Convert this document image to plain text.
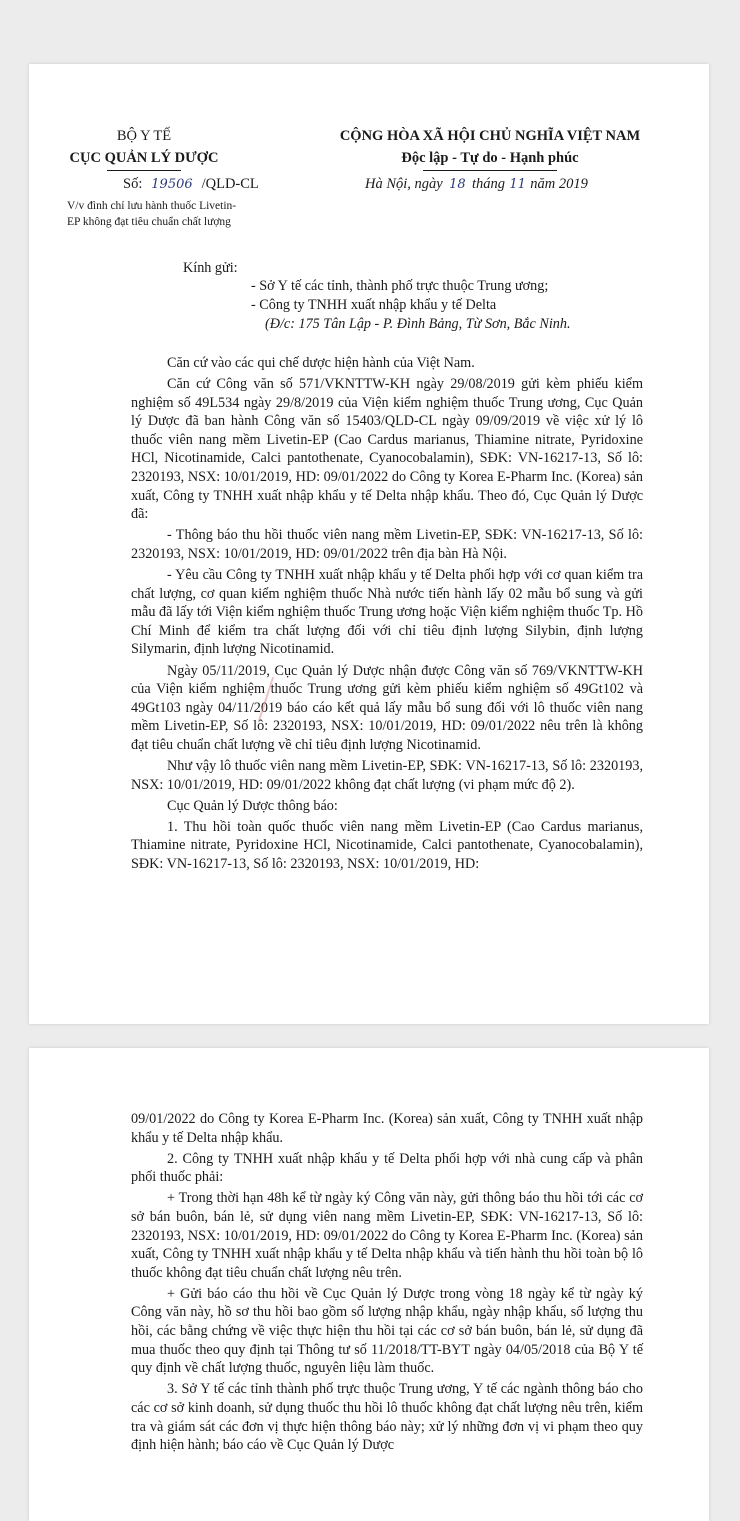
BỘ Y TẾ
CỤC QUẢN LÝ DƯỢC
Số: 19506 /QLD-CL
V/v đình chỉ lưu hành thuốc Livetin-
EP không đạt tiêu chuẩn chất lượng
CỘNG HÒA XÃ HỘI CHỦ NGHĨA VIỆT NAM
Độc lập - Tự do - Hạnh phúc
Hà Nội, ngày 18 tháng 11 năm 2019
Kính gửi:
- Sở Y tế các tỉnh, thành phố trực thuộc Trung ương;
- Công ty TNHH xuất nhập khẩu y tế Delta
(Đ/c: 175 Tân Lập - P. Đình Bảng, Từ Sơn, Bắc Ninh.

Căn cứ vào các qui chế dược hiện hành của Việt Nam.

Căn cứ Công văn số 571/VKNTTW-KH ngày 29/08/2019 gửi kèm phiếu kiểm nghiệm số 49L534 ngày 29/8/2019 của Viện kiểm nghiệm thuốc Trung ương, Cục Quản lý Dược đã ban hành Công văn số 15403/QLD-CL ngày 09/09/2019 về việc xử lý lô thuốc viên nang mềm Livetin-EP (Cao Cardus marianus, Thiamine nitrate, Pyridoxine HCl, Nicotinamide, Calci pantothenate, Cyanocobalamin), SĐK: VN-16217-13, Số lô: 2320193, NSX: 10/01/2019, HD: 09/01/2022 do Công ty Korea E-Pharm Inc. (Korea) sản xuất, Công ty TNHH xuất nhập khẩu y tế Delta nhập khẩu. Theo đó, Cục Quản lý Dược đã:

- Thông báo thu hồi thuốc viên nang mềm Livetin-EP, SĐK: VN-16217-13, Số lô: 2320193, NSX: 10/01/2019, HD: 09/01/2022 trên địa bàn Hà Nội.

- Yêu cầu Công ty TNHH xuất nhập khẩu y tế Delta phối hợp với cơ quan kiểm tra chất lượng, cơ quan kiểm nghiệm thuốc Nhà nước tiến hành lấy 02 mẫu bổ sung và gửi mẫu đã lấy tới Viện kiểm nghiệm thuốc Trung ương hoặc Viện kiểm nghiệm thuốc Tp. Hồ Chí Minh để kiểm tra chất lượng đối với chỉ tiêu định lượng Silybin, định lượng Silymarin, định lượng Nicotinamid.

Ngày 05/11/2019, Cục Quản lý Dược nhận được Công văn số 769/VKNTTW-KH của Viện kiểm nghiệm thuốc Trung ương gửi kèm phiếu kiểm nghiệm số 49Gt102 và 49Gt103 ngày 04/11/2019 báo cáo kết quả lấy mẫu bổ sung đối với lô thuốc viên nang mềm Livetin-EP, Số lô: 2320193, NSX: 10/01/2019, HD: 09/01/2022 nêu trên là không đạt tiêu chuẩn chất lượng về chỉ tiêu định lượng Nicotinamid.

Như vậy lô thuốc viên nang mềm Livetin-EP, SĐK: VN-16217-13, Số lô: 2320193, NSX: 10/01/2019, HD: 09/01/2022 không đạt chất lượng (vi phạm mức độ 2).

Cục Quản lý Dược thông báo:

1. Thu hồi toàn quốc thuốc viên nang mềm Livetin-EP (Cao Cardus marianus, Thiamine nitrate, Pyridoxine HCl, Nicotinamide, Calci pantothenate, Cyanocobalamin), SĐK: VN-16217-13, Số lô: 2320193, NSX: 10/01/2019, HD:

09/01/2022 do Công ty Korea E-Pharm Inc. (Korea) sản xuất, Công ty TNHH xuất nhập khẩu y tế Delta nhập khẩu.

2. Công ty TNHH xuất nhập khẩu y tế Delta phối hợp với nhà cung cấp và phân phối thuốc phải:

+ Trong thời hạn 48h kể từ ngày ký Công văn này, gửi thông báo thu hồi tới các cơ sở bán buôn, bán lẻ, sử dụng viên nang mềm Livetin-EP, SĐK: VN-16217-13, Số lô: 2320193, NSX: 10/01/2019, HD: 09/01/2022 do Công ty Korea E-Pharm Inc. (Korea) sản xuất, Công ty TNHH xuất nhập khẩu y tế Delta nhập khẩu và tiến hành thu hồi toàn bộ lô thuốc không đạt tiêu chuẩn chất lượng nêu trên.

+ Gửi báo cáo thu hồi về Cục Quản lý Dược trong vòng 18 ngày kể từ ngày ký Công văn này, hồ sơ thu hồi bao gồm số lượng nhập khẩu, ngày nhập khẩu, số lượng thu hồi, các bằng chứng về việc thực hiện thu hồi tại các cơ sở bán buôn, bán lẻ, sử dụng đã mua thuốc theo quy định tại Thông tư số 11/2018/TT-BYT ngày 04/05/2018 của Bộ Y tế quy định về chất lượng thuốc, nguyên liệu làm thuốc.

3. Sở Y tế các tỉnh thành phố trực thuộc Trung ương, Y tế các ngành thông báo cho các cơ sở kinh doanh, sử dụng thuốc thu hồi lô thuốc không đạt chất lượng nêu trên, kiểm tra và giám sát các đơn vị thực hiện thông báo này; xử lý những đơn vị vi phạm theo quy định hiện hành; báo cáo về Cục Quản lý Dược
